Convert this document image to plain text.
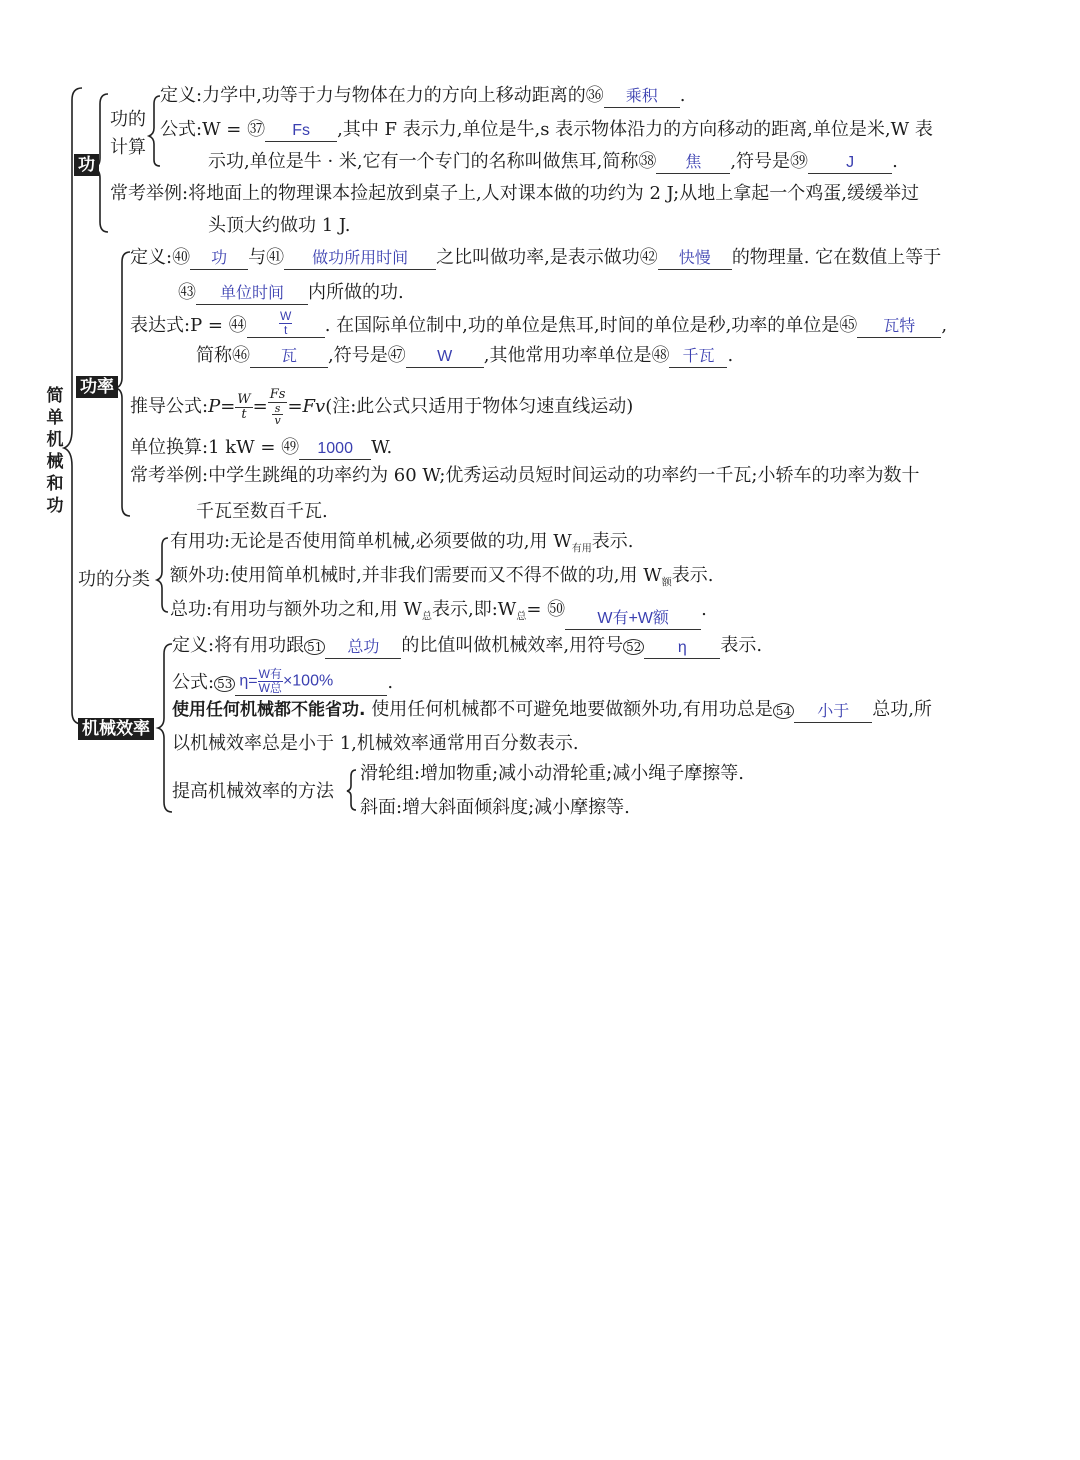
简单机械和功
功
功的计算
定义:力学中,功等于力与物体在力的方向上移动距离的㊱ 乘积 .
公式:W = ㊲ Fs ,其中 F 表示力,单位是牛,s 表示物体沿力的方向移动的距离,单位是米,W 表
示功,单位是牛 · 米,它有一个专门的名称叫做焦耳,简称㊳ 焦 ,符号是㊴ J .
常考举例:将地面上的物理课本捡起放到桌子上,人对课本做的功约为 2 J;从地上拿起一个鸡蛋,缓缓举过
头顶大约做功 1 J.
功率
定义:㊵ 功 与㊶ 做功所用时间 之比叫做功率,是表示做功㊷ 快慢 的物理量. 它在数值上等于
㊸ 单位时间 内所做的功.
表达式:P = ㊹	$\frac{W}{t}$ . 在国际单位制中,功的单位是焦耳,时间的单位是秒,功率的单位是㊺ 瓦特 ,
简称㊻ 瓦 ,符号是㊼ W ,其他常用功率单位是㊽ 千瓦 .
推导公式:P= $\frac{W}{t} = \frac{Fs}{\frac{s}{v}} =Fv$(注:此公式只适用于物体匀速直线运动)
单位换算:1 kW = ㊾ 1000 W.
常考举例:中学生跳绳的功率约为 60 W;优秀运动员短时间运动的功率约一千瓦;小轿车的功率为数十
千瓦至数百千瓦.
功的分类
有用功:无论是否使用简单机械,必须要做的功,用 $W_{有用}$表示.
额外功:使用简单机械时,并非我们需要而又不得不做的功,用 $W_额$表示.
总功:有用功与额外功之和,用 $W_总$表示,即$:W_总=$ ㊿ W有+W额 .
机械效率
定义:将有用功跟 51 总功 的比值叫做机械效率,用符号 52 η 表示.
公式: 53 η= W有
W总 ×100%	.
使用任何机械都不能省功. 使用任何机械都不可避免地要做额外功,有用功总是 54 小于 总功,所
以机械效率总是小于 1,机械效率通常用百分数表示.
提高机械效率的方法
滑轮组:增加物重;减小动滑轮重;减小绳子摩擦等.
斜面:增大斜面倾斜度;减小摩擦等.
